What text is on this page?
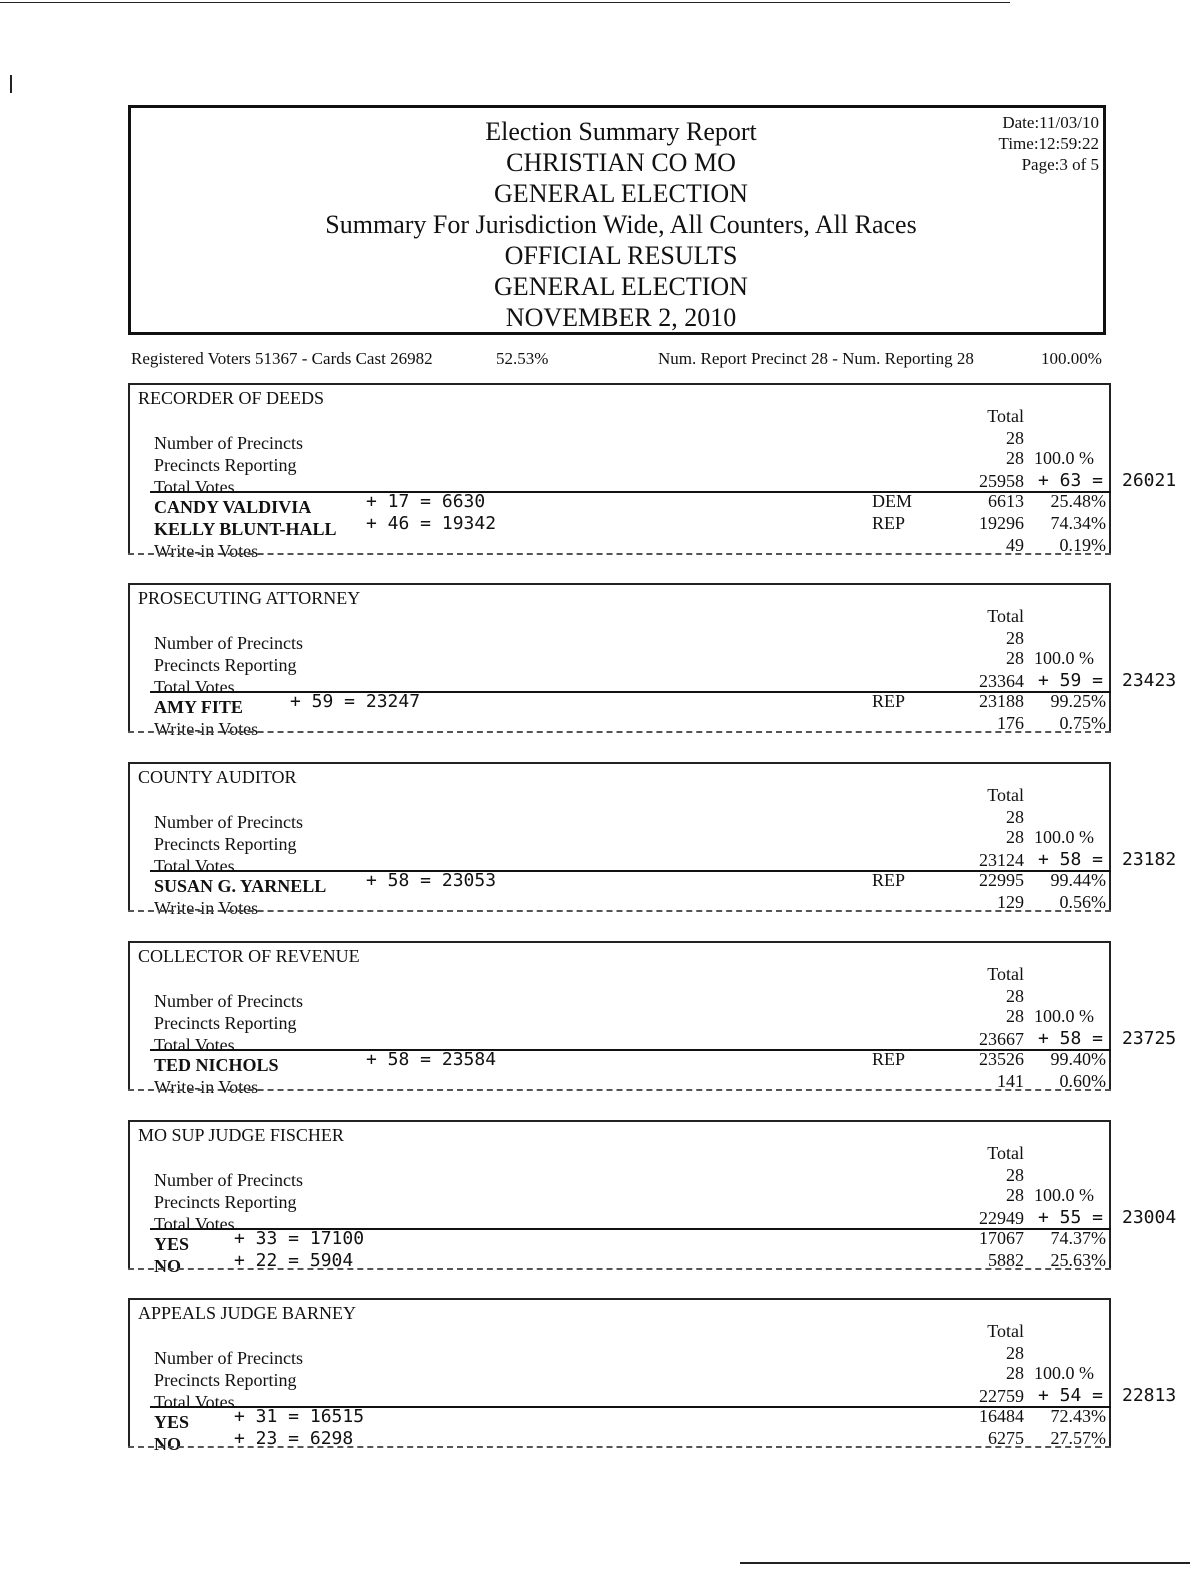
Election Summary Report
CHRISTIAN CO MO
GENERAL ELECTION
Summary For Jurisdiction Wide, All Counters, All Races
OFFICIAL RESULTS
GENERAL ELECTION
NOVEMBER 2, 2010
Date:11/03/10
Time:12:59:22
Page:3 of 5
Registered Voters 51367 - Cards Cast 26982	52.53%	Num. Report Precinct 28 - Num. Reporting 28	100.00%
RECORDER OF DEEDS
Total
Number of Precincts	28
Precincts Reporting	28 100.0 %
Total Votes	25958 + 63 = 26021
CANDY VALDIVIA	+ 17 = 6630	DEM	6613	25.48%
KELLY BLUNT-HALL + 46 = 19342	REP	19296	74.34%
Write-in Votes	49	0.19%
PROSECUTING ATTORNEY
Total
Number of Precincts	28
Precincts Reporting	28 100.0 %
Total Votes	23364 + 59 = 23423
AMY FITE	+ 59 = 23247	REP	23188	99.25%
Write-in Votes	176	0.75%
COUNTY AUDITOR
Total
Number of Precincts	28
Precincts Reporting	28 100.0 %
Total Votes	23124 + 58 = 23182
SUSAN G. YARNELL + 58 = 23053	REP	22995	99.44%
Write-in Votes	129	0.56%
COLLECTOR OF REVENUE
Total
Number of Precincts	28
Precincts Reporting	28 100.0 %
Total Votes	23667 + 58 = 23725
TED NICHOLS	+ 58 = 23584	REP	23526	99.40%
Write-in Votes	141	0.60%
MO SUP JUDGE FISCHER
Total
Number of Precincts	28
Precincts Reporting	28 100.0 %
Total Votes	22949 + 55 = 23004
YES + 33 = 17100	17067	74.37%
NO	+ 22 = 5904	5882	25.63%
APPEALS JUDGE BARNEY
Total
Number of Precincts	28
Precincts Reporting	28 100.0 %
Total Votes	22759 + 54 = 22813
YES + 31 = 16515	16484	72.43%
NO	+ 23 = 6298	6275	27.57%
